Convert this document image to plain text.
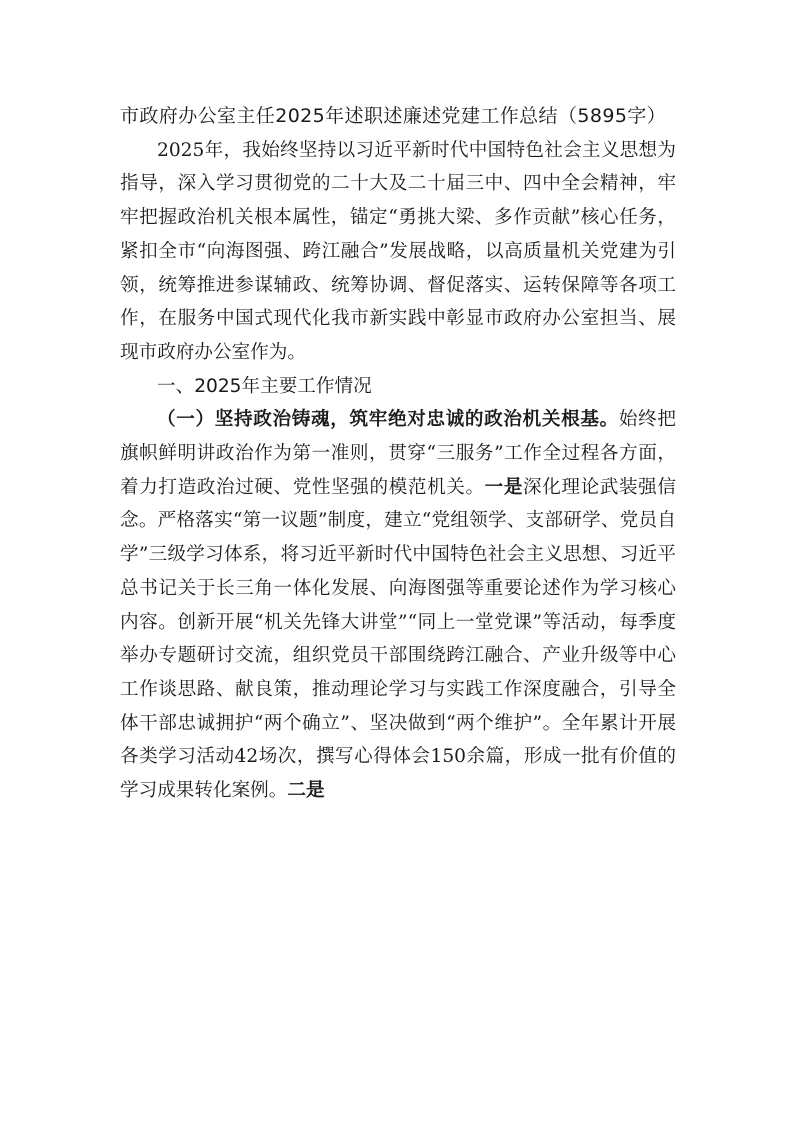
市政府办公室主任2025年述职述廉述党建工作总结（5895字）

2025年，我始终坚持以习近平新时代中国特色社会主义思想为指导，深入学习贯彻党的二十大及二十届三中、四中全会精神，牢牢把握政治机关根本属性，锚定“勇挑大梁、多作贡献”核心任务，紧扣全市“向海图强、跨江融合”发展战略，以高质量机关党建为引领，统筹推进参谋辅政、统筹协调、督促落实、运转保障等各项工作，在服务中国式现代化我市新实践中彰显市政府办公室担当、展现市政府办公室作为。

一、2025年主要工作情况

（一）坚持政治铸魂，筑牢绝对忠诚的政治机关根基。始终把旗帜鲜明讲政治作为第一准则，贯穿“三服务”工作全过程各方面，着力打造政治过硬、党性坚强的模范机关。一是深化理论武装强信念。严格落实“第一议题”制度，建立“党组领学、支部研学、党员自学”三级学习体系，将习近平新时代中国特色社会主义思想、习近平总书记关于长三角一体化发展、向海图强等重要论述作为学习核心内容。创新开展“机关先锋大讲堂”“同上一堂党课”等活动，每季度举办专题研讨交流，组织党员干部围绕跨江融合、产业升级等中心工作谈思路、献良策，推动理论学习与实践工作深度融合，引导全体干部忠诚拥护“两个确立”、坚决做到“两个维护”。全年累计开展各类学习活动42场次，撰写心得体会150余篇，形成一批有价值的学习成果转化案例。二是
